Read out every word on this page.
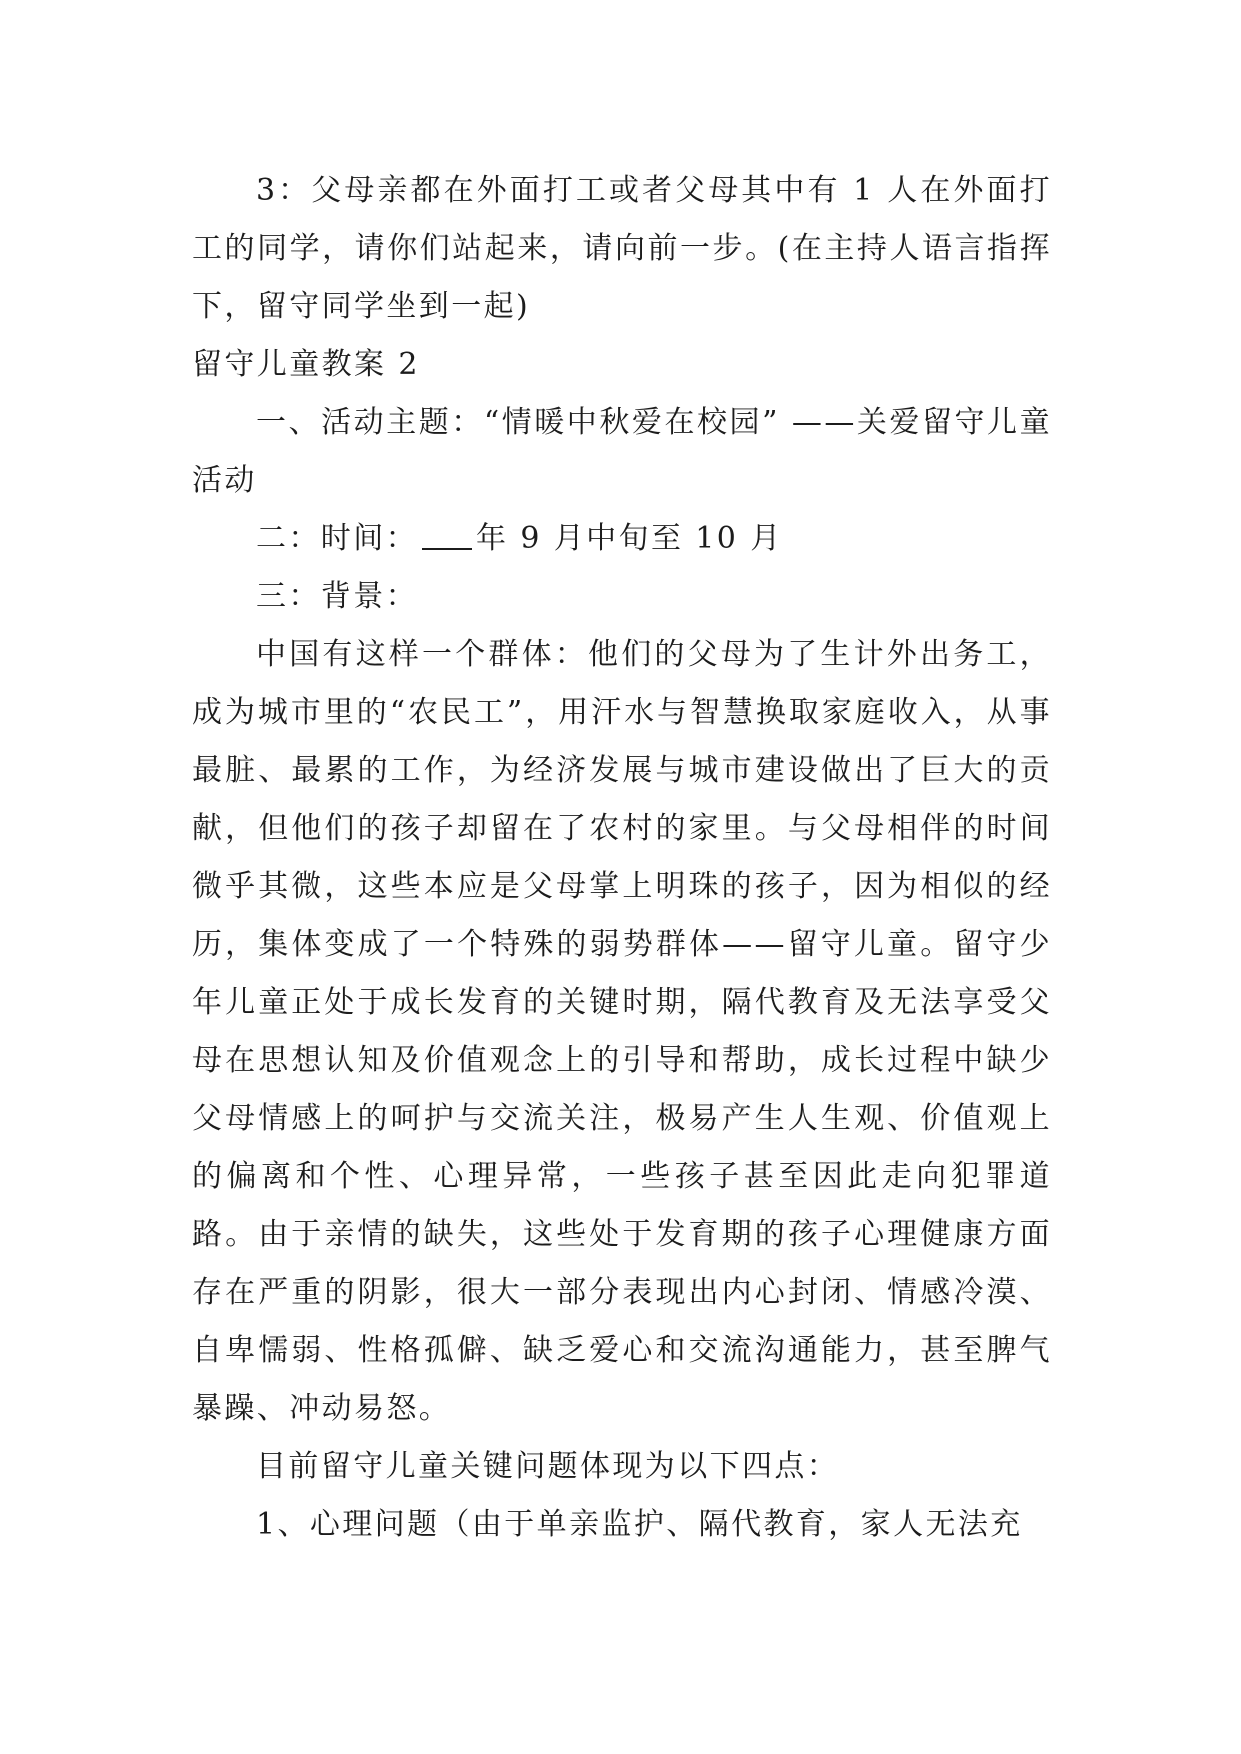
3：父母亲都在外面打工或者父母其中有 1 人在外面打工的同学，请你们站起来，请向前一步。(在主持人语言指挥下，留守同学坐到一起)

留守儿童教案 2

一、活动主题：“情暖中秋爱在校园” ——关爱留守儿童活动

二：时间： 年 9 月中旬至 10 月

三：背景：

中国有这样一个群体：他们的父母为了生计外出务工，成为城市里的“农民工”，用汗水与智慧换取家庭收入，从事最脏、最累的工作，为经济发展与城市建设做出了巨大的贡献，但他们的孩子却留在了农村的家里。与父母相伴的时间微乎其微，这些本应是父母掌上明珠的孩子，因为相似的经历，集体变成了一个特殊的弱势群体——留守儿童。留守少年儿童正处于成长发育的关键时期，隔代教育及无法享受父母在思想认知及价值观念上的引导和帮助，成长过程中缺少父母情感上的呵护与交流关注，极易产生人生观、价值观上的偏离和个性、心理异常，一些孩子甚至因此走向犯罪道路。由于亲情的缺失，这些处于发育期的孩子心理健康方面存在严重的阴影，很大一部分表现出内心封闭、情感冷漠、自卑懦弱、性格孤僻、缺乏爱心和交流沟通能力，甚至脾气暴躁、冲动易怒。

目前留守儿童关键问题体现为以下四点：

1、心理问题（由于单亲监护、隔代教育，家人无法充
